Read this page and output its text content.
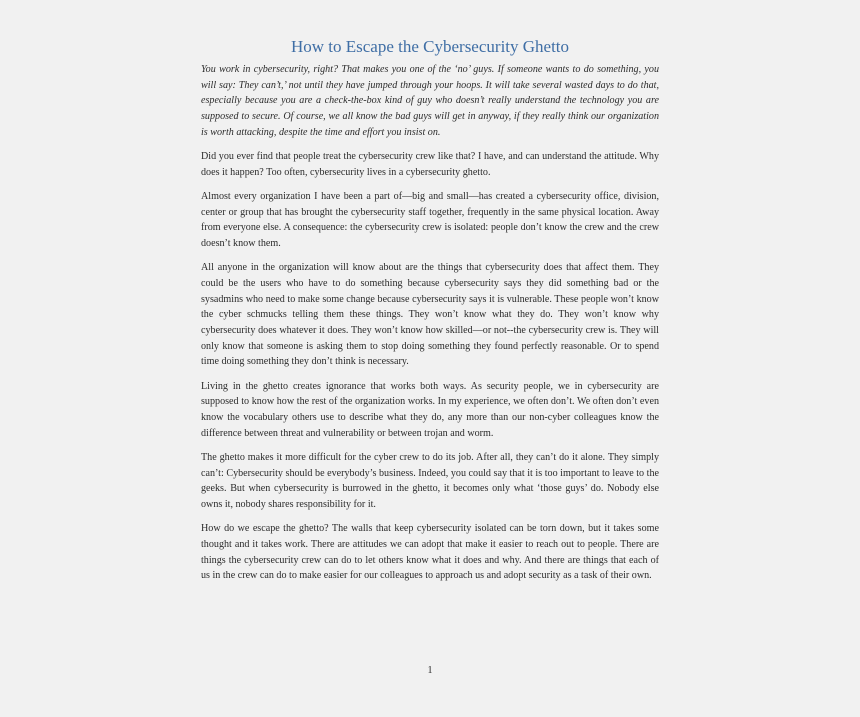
How to Escape the Cybersecurity Ghetto

You work in cybersecurity, right? That makes you one of the ‘no’ guys. If someone wants to do something, you will say: They can’t,’ not until they have jumped through your hoops. It will take several wasted days to do that, especially because you are a check-the-box kind of guy who doesn’t really understand the technology you are supposed to secure. Of course, we all know the bad guys will get in anyway, if they really think our organization is worth attacking, despite the time and effort you insist on.

Did you ever find that people treat the cybersecurity crew like that? I have, and can understand the attitude. Why does it happen? Too often, cybersecurity lives in a cybersecurity ghetto.

Almost every organization I have been a part of—big and small—has created a cybersecurity office, division, center or group that has brought the cybersecurity staff together, frequently in the same physical location. Away from everyone else. A consequence: the cybersecurity crew is isolated: people don’t know the crew and the crew doesn’t know them.

All anyone in the organization will know about are the things that cybersecurity does that affect them. They could be the users who have to do something because cybersecurity says they did something bad or the sysadmins who need to make some change because cybersecurity says it is vulnerable. These people won’t know the cyber schmucks telling them these things. They won’t know what they do. They won’t know why cybersecurity does whatever it does. They won’t know how skilled—or not--the cybersecurity crew is. They will only know that someone is asking them to stop doing something they found perfectly reasonable. Or to spend time doing something they don’t think is necessary.

Living in the ghetto creates ignorance that works both ways. As security people, we in cybersecurity are supposed to know how the rest of the organization works. In my experience, we often don’t. We often don’t even know the vocabulary others use to describe what they do, any more than our non-cyber colleagues know the difference between threat and vulnerability or between trojan and worm.

The ghetto makes it more difficult for the cyber crew to do its job. After all, they can’t do it alone. They simply can’t: Cybersecurity should be everybody’s business. Indeed, you could say that it is too important to leave to the geeks. But when cybersecurity is burrowed in the ghetto, it becomes only what ‘those guys’ do. Nobody else owns it, nobody shares responsibility for it.

How do we escape the ghetto? The walls that keep cybersecurity isolated can be torn down, but it takes some thought and it takes work. There are attitudes we can adopt that make it easier to reach out to people. There are things the cybersecurity crew can do to let others know what it does and why. And there are things that each of us in the crew can do to make easier for our colleagues to approach us and adopt security as a task of their own.

1
